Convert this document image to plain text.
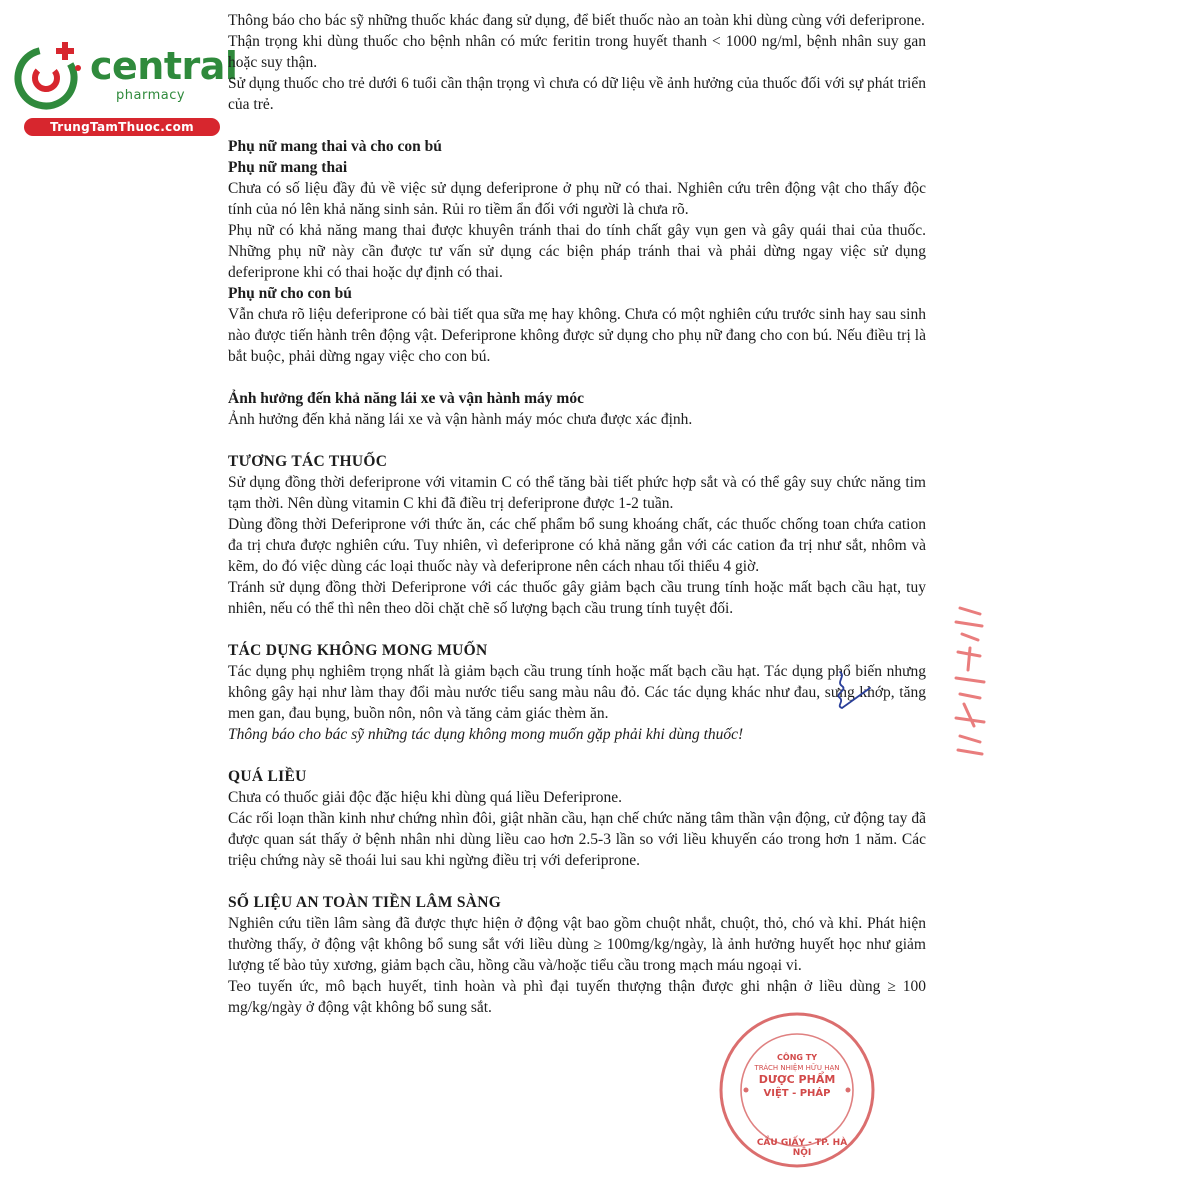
central
pharmacy
TrungTamThuoc.com

Thông báo cho bác sỹ những thuốc khác đang sử dụng, để biết thuốc nào an toàn khi dùng cùng với deferiprone.

Thận trọng khi dùng thuốc cho bệnh nhân có mức feritin trong huyết thanh < 1000 ng/ml, bệnh nhân suy gan hoặc suy thận.

Sử dụng thuốc cho trẻ dưới 6 tuổi cần thận trọng vì chưa có dữ liệu về ảnh hưởng của thuốc đối với sự phát triển của trẻ.

Phụ nữ mang thai và cho con bú

Phụ nữ mang thai

Chưa có số liệu đầy đủ về việc sử dụng deferiprone ở phụ nữ có thai. Nghiên cứu trên động vật cho thấy độc tính của nó lên khả năng sinh sản. Rủi ro tiềm ẩn đối với người là chưa rõ.

Phụ nữ có khả năng mang thai được khuyên tránh thai do tính chất gây vụn gen và gây quái thai của thuốc. Những phụ nữ này cần được tư vấn sử dụng các biện pháp tránh thai và phải dừng ngay việc sử dụng deferiprone khi có thai hoặc dự định có thai.

Phụ nữ cho con bú

Vẫn chưa rõ liệu deferiprone có bài tiết qua sữa mẹ hay không. Chưa có một nghiên cứu trước sinh hay sau sinh nào được tiến hành trên động vật. Deferiprone không được sử dụng cho phụ nữ đang cho con bú. Nếu điều trị là bắt buộc, phải dừng ngay việc cho con bú.

Ảnh hưởng đến khả năng lái xe và vận hành máy móc

Ảnh hưởng đến khả năng lái xe và vận hành máy móc chưa được xác định.

TƯƠNG TÁC THUỐC

Sử dụng đồng thời deferiprone với vitamin C có thể tăng bài tiết phức hợp sắt và có thể gây suy chức năng tim tạm thời. Nên dùng vitamin C khi đã điều trị deferiprone được 1-2 tuần.

Dùng đồng thời Deferiprone với thức ăn, các chế phẩm bổ sung khoáng chất, các thuốc chống toan chứa cation đa trị chưa được nghiên cứu. Tuy nhiên, vì deferiprone có khả năng gắn với các cation đa trị như sắt, nhôm và kẽm, do đó việc dùng các loại thuốc này và deferiprone nên cách nhau tối thiểu 4 giờ.

Tránh sử dụng đồng thời Deferiprone với các thuốc gây giảm bạch cầu trung tính hoặc mất bạch cầu hạt, tuy nhiên, nếu có thể thì nên theo dõi chặt chẽ số lượng bạch cầu trung tính tuyệt đối.

TÁC DỤNG KHÔNG MONG MUỐN

Tác dụng phụ nghiêm trọng nhất là giảm bạch cầu trung tính hoặc mất bạch cầu hạt. Tác dụng phổ biến nhưng không gây hại như làm thay đổi màu nước tiểu sang màu nâu đỏ. Các tác dụng khác như đau, sưng khớp, tăng men gan, đau bụng, buồn nôn, nôn và tăng cảm giác thèm ăn.

Thông báo cho bác sỹ những tác dụng không mong muốn gặp phải khi dùng thuốc!

QUÁ LIỀU

Chưa có thuốc giải độc đặc hiệu khi dùng quá liều Deferiprone.

Các rối loạn thần kinh như chứng nhìn đôi, giật nhãn cầu, hạn chế chức năng tâm thần vận động, cử động tay đã được quan sát thấy ở bệnh nhân nhi dùng liều cao hơn 2.5-3 lần so với liều khuyến cáo trong hơn 1 năm. Các triệu chứng này sẽ thoái lui sau khi ngừng điều trị với deferiprone.

SỐ LIỆU AN TOÀN TIỀN LÂM SÀNG

Nghiên cứu tiền lâm sàng đã được thực hiện ở động vật bao gồm chuột nhắt, chuột, thỏ, chó và khỉ. Phát hiện thường thấy, ở động vật không bổ sung sắt với liều dùng ≥ 100mg/kg/ngày, là ảnh hưởng huyết học như giảm lượng tế bào tủy xương, giảm bạch cầu, hồng cầu và/hoặc tiểu cầu trong mạch máu ngoại vi.

Teo tuyến ức, mô bạch huyết, tinh hoàn và phì đại tuyến thượng thận được ghi nhận ở liều dùng ≥ 100 mg/kg/ngày ở động vật không bổ sung sắt.

CÔNG TY
TRÁCH NHIỆM HỮU HẠN
DƯỢC PHẨM
VIỆT - PHÁP
CẦU GIẤY - TP. HÀ NỘI
